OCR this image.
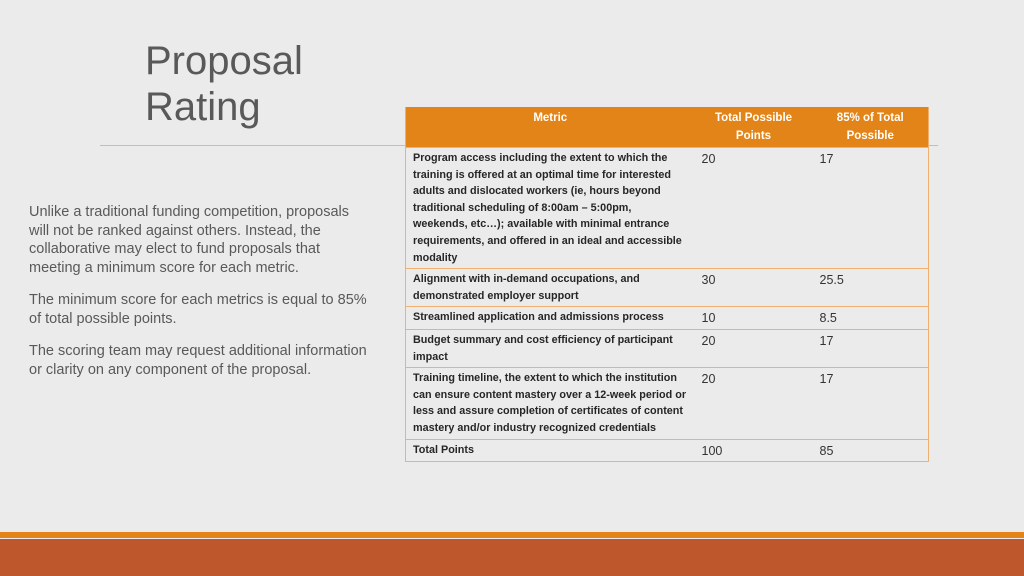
Proposal
Rating

Unlike a traditional funding competition, proposals will not be ranked against others. Instead, the collaborative may elect to fund proposals that meeting a minimum score for each metric.

The minimum score for each metrics is equal to 85% of total possible points.

The scoring team may request additional information or clarity on any component of the proposal.

Metric	Total Possible Points	85% of Total Possible
Program access including the extent to which the training is offered at an optimal time for interested adults and dislocated workers (ie, hours beyond traditional scheduling of 8:00am – 5:00pm, weekends, etc…); available with minimal entrance requirements, and offered in an ideal and accessible modality	20	17
Alignment with in-demand occupations, and demonstrated employer support	30	25.5
Streamlined application and admissions process	10	8.5
Budget summary and cost efficiency of participant impact	20	17
Training timeline, the extent to which the institution can ensure content mastery over a 12-week period or less and assure completion of certificates of content mastery and/or industry recognized credentials	20	17
Total Points	100	85
